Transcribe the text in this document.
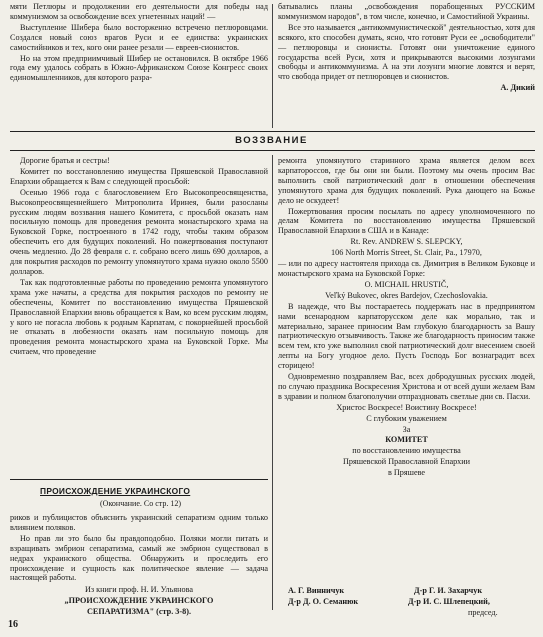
мяти Петлюры и продолжении его деятельности для победы над коммунизмом за освобождение всех угнетенных наций! —

Выступление Шибера было восторженно встречено петлюровцами. Создался новый союз врагов Руси и ее единства: украинских самостийников и тех, кого они ранее резали — евреев-сионистов.

Но на этом предприимчивый Шибер не остановился. В октябре 1966 года ему удалось собрать в Южно-Африканском Союзе Конгресс своих единомышленников, для которого разра-

батывались планы „освобождения порабощенных РУССКИМ коммунизмом народов", в том числе, конечно, и Самостийной Украины.

Все это называется „антикоммунистической" деятельностью, хотя для всякого, кто способен думать, ясно, что готовят Руси ее „освободители" — петлюровцы и сионисты. Готовят они уничтожение единого государства всей Руси, хотя и прикрываются высокими лозунгами свободы и антикоммунизма. А на эти лозунги многие ловятся и верят, что свобода придет от петлюровцев и сионистов.

А. Дикий

ВОЗЗВАНИЕ

Дорогие братья и сестры!

Комитет по восстановлению имущества Пряшевской Православной Епархии обращается к Вам с следующей просьбой:

Осенью 1966 года с благословением Его Высокопреосвященства, Высокопреосвященнейшего Митрополита Иринея, были разосланы русским людям воззвания нашего Комитета, с просьбой оказать нам посильную помощь для проведения ремонта монастырского храма на Буковской Горке, построенного в 1742 году, чтобы таким образом обеспечить его для будущих поколений. Но пожертвования поступают очень медленно. До 28 февраля с. г. собрано всего лишь 690 долларов, а для покрытия расходов по ремонту упомянутого храма нужно около 5500 долларов.

Так как подготовленные работы по проведению ремонта упомянутого храма уже начаты, а средства для покрытия расходов по ремонту не обеспечены, Комитет по восстановлению имущества Пряшевской Православной Епархии вновь обращается к Вам, ко всем русским людям, у кого не погасла любовь к родным Карпатам, с покорнейшей просьбой не отказать в любезности оказать нам посильную помощь для проведения ремонта монастырского храма на Буковской Горке. Мы считаем, что проведение

ПРОИСХОЖДЕНИЕ УКРАИНСКОГО
(Окончание. Со стр. 12)

риков и публицистов объяснить украинский сепаратизм одним только влиянием поляков.

Но прав ли это было бы правдоподобно. Поляки могли питать и взращивать эмбрион сепаратизма, самый же эмбрион существовал в недрах украинского общества. Обнаружить и проследить его происхождение и сущность как политическое явление — задача настоящей работы.

Из книги проф. Н. И. Ульянова

„ПРОИСХОЖДЕНИЕ УКРАИНСКОГО

СЕПАРАТИЗМА" (стр. 3-8).

ремонта упомянутого старинного храма является делом всех карпатороссов, где бы они ни были. Поэтому мы очень просим Вас выполнить свой патриотический долг в отношении обеспечения упомянутого храма для будущих поколений. Рука дающего на Божье дело не оскудеет!

Пожертвования просим посылать по адресу уполномоченного по делам Комитета по восстановлению имущества Пряшевской Православной Епархии в США и в Канаде:

Rt. Rev. ANDREW S. SLEPCKY,

106 North Morris Street, St. Clair, Pa., 17970,

— или по адресу настоятеля прихода св. Димитрия в Великом Буковце и монастырского храма на Буковской Горке:

O. MICHAIL HRUSTIČ,

Veľký Bukovec, okres Bardejov, Czechoslovakia.

В надежде, что Вы постараетесь поддержать нас в предпринятом нами всенародном карпаторусском деле как морально, так и материально, заранее приносим Вам глубокую благодарность за Вашу патриотическую отзывчивость. Также же благодарность приносим также всем тем, кто уже выполнил свой патриотический долг внесением своей лепты на Богу угодное дело. Пусть Господь Бог вознаградит всех сторицею!

Одновременно поздравляем Вас, всех добродушных русских людей, по случаю праздника Воскресения Христова и от всей души желаем Вам в здравии и полном благополучии отпраздновать светлые дни св. Пасхи.

Христос Воскресе! Воистину Воскресе!

С глубоким уважением

За

КОМИТЕТ

по восстановлению имущества

Пряшевской Православной Епархии

в Пряшеве

А. Г. Винничук	Д-р Г. И. Захарчук
Д-р Д. О. Семанюк	Д-р И. С. Шлепецкий,
председ.
16
